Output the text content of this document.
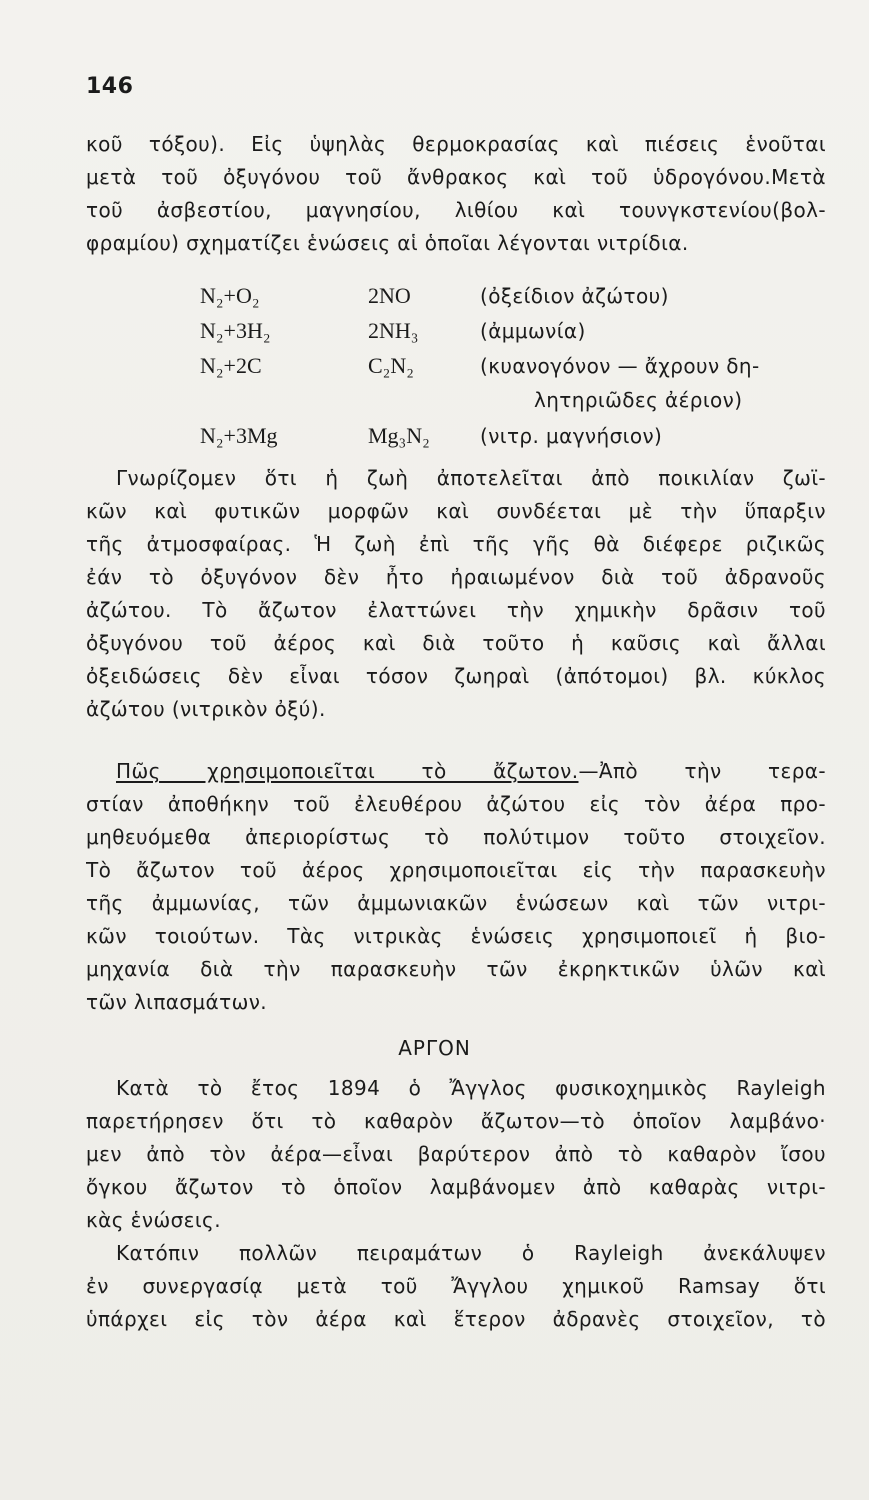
146
κοῦ τόξου). Εἰς ὑψηλὰς θερμοκρασίας καὶ πιέσεις ἑνοῦται
μετὰ τοῦ ὀξυγόνου τοῦ ἄνθρακος καὶ τοῦ ὑδρογόνου.Μετὰ
τοῦ ἀσβεστίου, μαγνησίου, λιθίου καὶ τουνγκστενίου(βολ-
φραμίου) σχηματίζει ἑνώσεις αἱ ὁποῖαι λέγονται νιτρίδια.
N₂+O₂	2NO	(ὀξείδιον ἀζώτου)
N₂+3H₂	2NH₃	(ἀμμωνία)
N₂+2C	C₂N₂	(κυανογόνον — ἄχρουν δη-
λητηριῶδες ἀέριον)
N₂+3Mg	Mg₃N₂	(νιτρ. μαγνήσιον)
Γνωρίζομεν ὅτι ἡ ζωὴ ἀποτελεῖται ἀπὸ ποικιλίαν ζωϊ-
κῶν καὶ φυτικῶν μορφῶν καὶ συνδέεται μὲ τὴν ὕπαρξιν
τῆς ἀτμοσφαίρας. Ἡ ζωὴ ἐπὶ τῆς γῆς θὰ διέφερε ριζικῶς
ἐάν τὸ ὀξυγόνον δὲν ἦτο ἠραιωμένον διὰ τοῦ ἀδρανοῦς
ἀζώτου. Τὸ ἄζωτον ἐλαττώνει τὴν χημικὴν δρᾶσιν τοῦ
ὀξυγόνου τοῦ ἀέρος καὶ διὰ τοῦτο ἡ καῦσις καὶ ἄλλαι
ὀξειδώσεις δὲν εἶναι τόσον ζωηραὶ (ἀπότομοι) βλ. κύκλος
ἀζώτου (νιτρικὸν ὀξύ).
Πῶς χρησιμοποιεῖται τὸ ἄζωτον.—Ἀπὸ τὴν τερα-
στίαν ἀποθήκην τοῦ ἐλευθέρου ἀζώτου εἰς τὸν ἀέρα προ-
μηθευόμεθα ἀπεριορίστως τὸ πολύτιμον τοῦτο στοιχεῖον.
Τὸ ἄζωτον τοῦ ἀέρος χρησιμοποιεῖται εἰς τὴν παρασκευὴν
τῆς ἀμμωνίας, τῶν ἀμμωνιακῶν ἑνώσεων καὶ τῶν νιτρι-
κῶν τοιούτων. Τὰς νιτρικὰς ἑνώσεις χρησιμοποιεῖ ἡ βιο-
μηχανία διὰ τὴν παρασκευὴν τῶν ἐκρηκτικῶν ὑλῶν καὶ
τῶν λιπασμάτων.
ΑΡΓΟΝ
Κατὰ τὸ ἔτος 1894 ὁ Ἄγγλος φυσικοχημικὸς Rayleigh
παρετήρησεν ὅτι τὸ καθαρὸν ἄζωτον—τὸ ὁποῖον λαμβάνο·
μεν ἀπὸ τὸν ἀέρα—εἶναι βαρύτερον ἀπὸ τὸ καθαρὸν ἴσου
ὄγκου ἄζωτον τὸ ὁποῖον λαμβάνομεν ἀπὸ καθαρὰς νιτρι-
κὰς ἑνώσεις.
Κατόπιν πολλῶν πειραμάτων ὁ Rayleigh ἀνεκάλυψεν
ἐν συνεργασίᾳ μετὰ τοῦ Ἄγγλου χημικοῦ Ramsay ὅτι
ὑπάρχει εἰς τὸν ἀέρα καὶ ἕτερον ἀδρανὲς στοιχεῖον, τὸ
